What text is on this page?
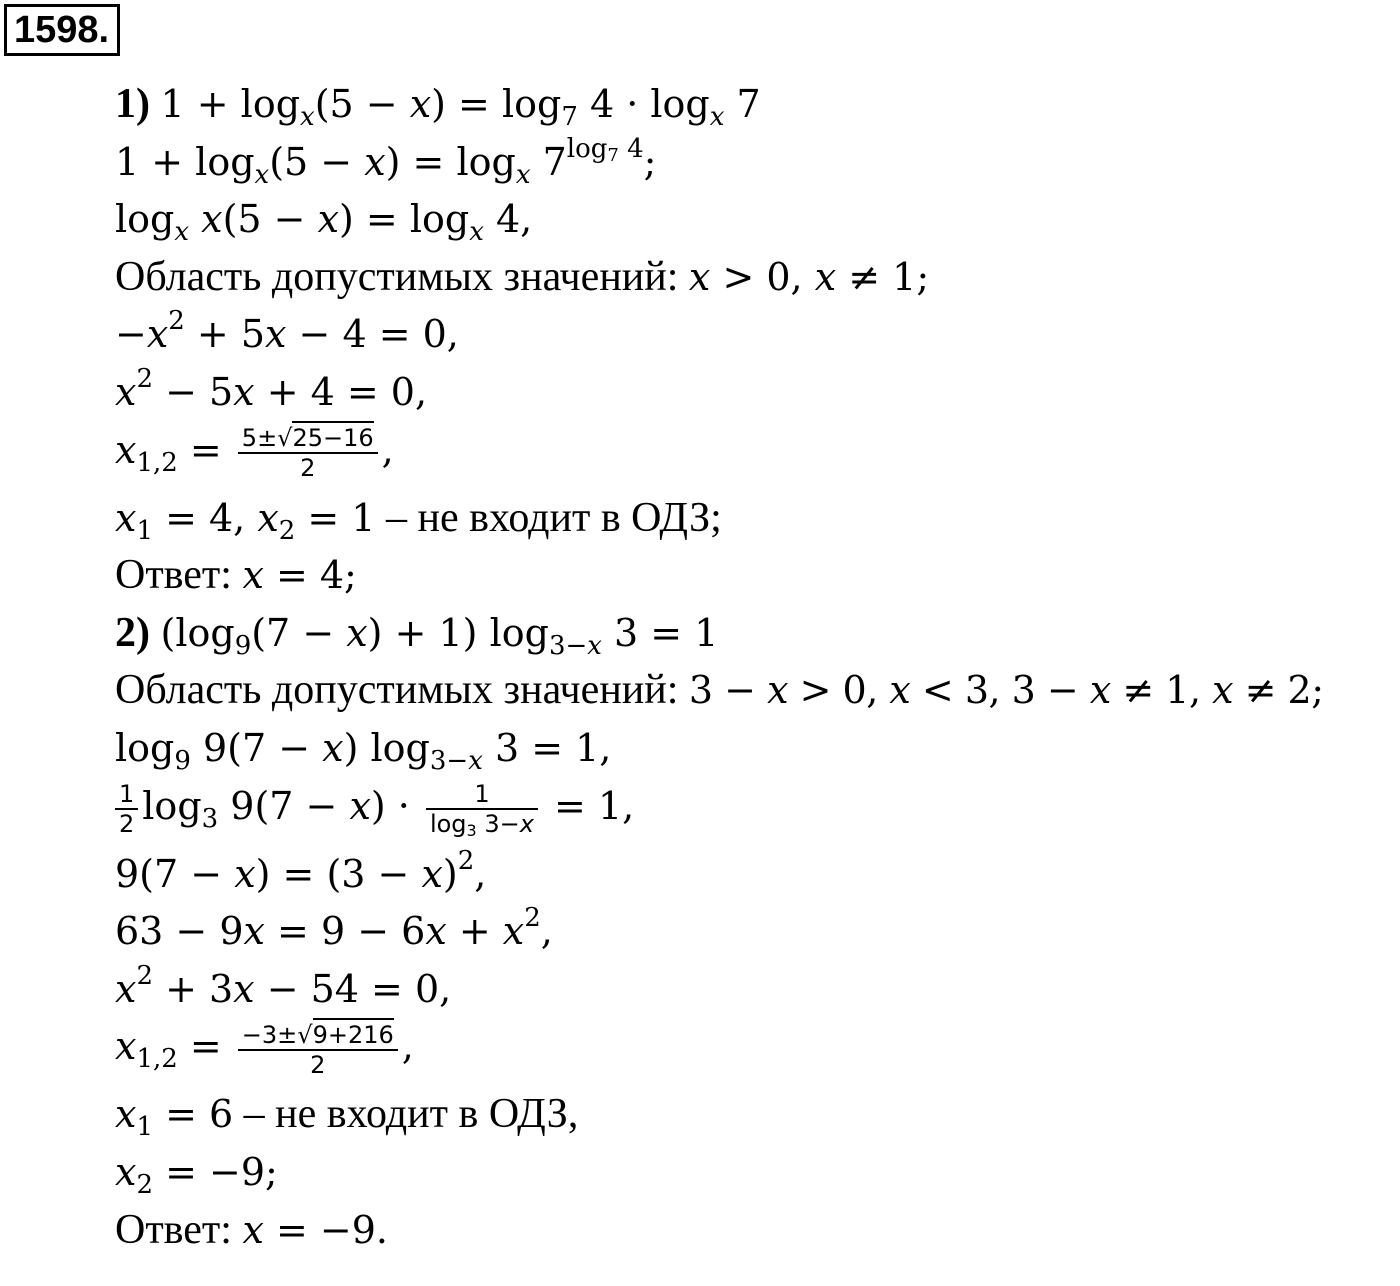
1598.
1) $1 + \log_x(5 - x) = \log_7 4 \cdot \log_x 7$
$1 + \log_x(5 - x) = \log_x 7^{log_7 4}$;
$\log_x x(5 - x) = \log_x 4$,
Область допустимых значений: x > 0, x ≠ 1;
$-x^2 + 5x - 4 = 0$,
$x^2 - 5x + 4 = 0$,
$x_{1,2} = \frac{5\pm√25-16}{2}$ ,
$x_1 = 4$, $x_2 = 1$ – не входит в ОДЗ;
Ответ: x = 4;
2) $(\log_9(7 - x) + 1)$ $\log_{3-x} 3 = 1$
Область допустимых значений: 3 − x > 0, x < 3, 3 − x ≠ 1, x ≠ 2;
$\log_9 9(7 - x)$ $\log_{3-x} 3 = 1$,
$\frac{1}{2} \log_3 9(7 - x) \cdot \frac{1}{\log_3 3-x} = 1$,
$9(7 - x) = (3 - x)^2$,
$63 - 9x = 9 - 6x + x^2$,
$x^2 + 3x - 54 = 0$,
$x_{1,2} = \frac{-3\pm√9+216}{2}$ ,
$x_1 = 6$ – не входит в ОДЗ,
$x_2 = -9$;
Ответ: x = −9.
